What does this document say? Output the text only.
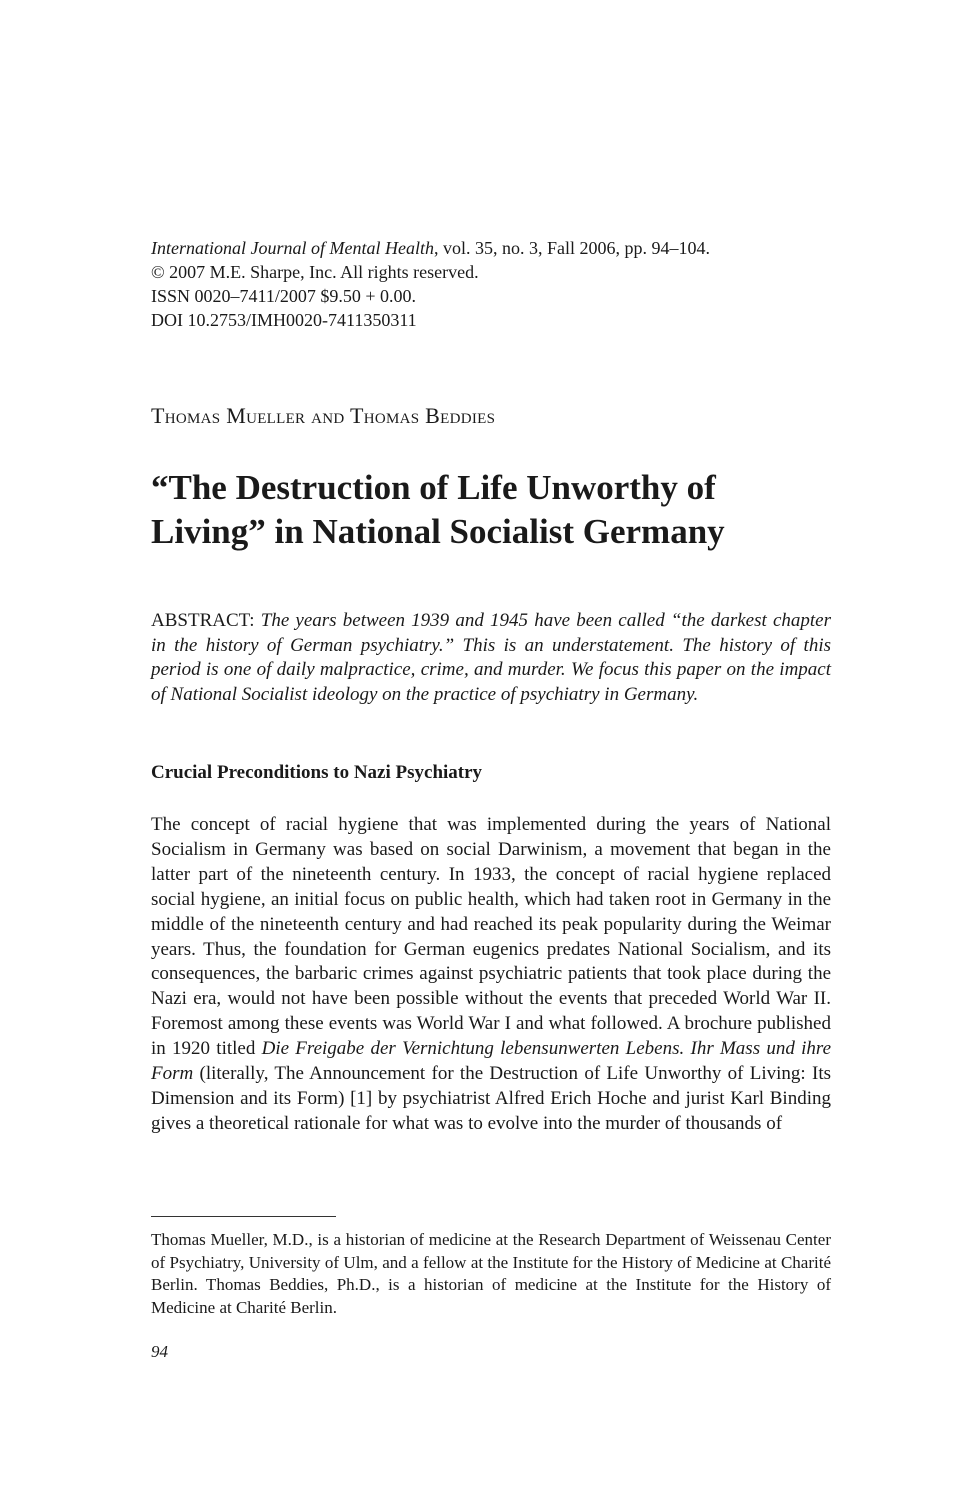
International Journal of Mental Health, vol. 35, no. 3, Fall 2006, pp. 94–104.
© 2007 M.E. Sharpe, Inc. All rights reserved.
ISSN 0020–7411/2007 $9.50 + 0.00.
DOI 10.2753/IMH0020-7411350311
Thomas Mueller and Thomas Beddies
“The Destruction of Life Unworthy of
Living” in National Socialist Germany

ABSTRACT: The years between 1939 and 1945 have been called “the darkest chapter in the history of German psychiatry.” This is an understatement. The history of this period is one of daily malpractice, crime, and murder. We focus this paper on the impact of National Socialist ideology on the practice of psychiatry in Germany.

Crucial Preconditions to Nazi Psychiatry

The concept of racial hygiene that was implemented during the years of National Socialism in Germany was based on social Darwinism, a movement that began in the latter part of the nineteenth century. In 1933, the concept of racial hygiene replaced social hygiene, an initial focus on public health, which had taken root in Germany in the middle of the nineteenth century and had reached its peak popularity during the Weimar years. Thus, the foundation for German eugenics predates National Socialism, and its consequences, the barbaric crimes against psychiatric patients that took place during the Nazi era, would not have been possible without the events that preceded World War II. Foremost among these events was World War I and what followed. A brochure published in 1920 titled Die Freigabe der Vernichtung lebensunwerten Lebens. Ihr Mass und ihre Form (literally, The Announcement for the Destruction of Life Unworthy of Living: Its Dimension and its Form) [1] by psychiatrist Alfred Erich Hoche and jurist Karl Binding gives a theoretical rationale for what was to evolve into the murder of thousands of

Thomas Mueller, M.D., is a historian of medicine at the Research Department of Weissenau Center of Psychiatry, University of Ulm, and a fellow at the Institute for the History of Medicine at Charité Berlin. Thomas Beddies, Ph.D., is a historian of medicine at the Institute for the History of Medicine at Charité Berlin.

94
